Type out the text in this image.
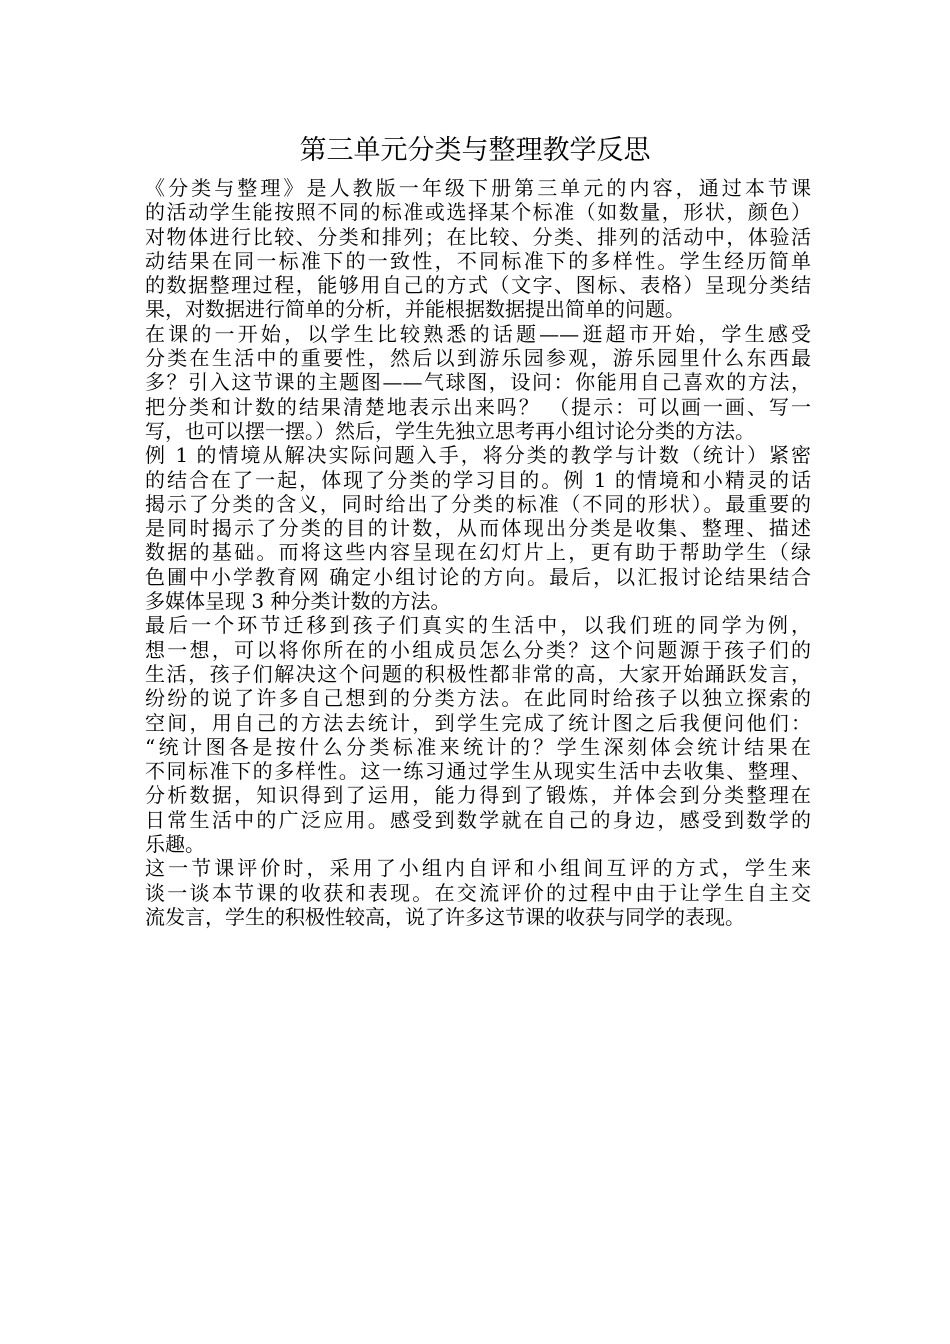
第三单元分类与整理教学反思
《分类与整理》是人教版一年级下册第三单元的内容，通过本节课
的活动学生能按照不同的标准或选择某个标准（如数量，形状，颜色）
对物体进行比较、分类和排列；在比较、分类、排列的活动中，体验活
动结果在同一标准下的一致性，不同标准下的多样性。学生经历简单
的数据整理过程，能够用自己的方式（文字、图标、表格）呈现分类结
果，对数据进行简单的分析，并能根据数据提出简单的问题。
在课的一开始，以学生比较熟悉的话题——逛超市开始，学生感受
分类在生活中的重要性，然后以到游乐园参观，游乐园里什么东西最
多？引入这节课的主题图——气球图，设问：你能用自己喜欢的方法，
把分类和计数的结果清楚地表示出来吗？ （提示：可以画一画、写一
写，也可以摆一摆。）然后，学生先独立思考再小组讨论分类的方法。
例 1 的情境从解决实际问题入手，将分类的教学与计数（统计）紧密
的结合在了一起，体现了分类的学习目的。例 1 的情境和小精灵的话
揭示了分类的含义，同时给出了分类的标准（不同的形状）。最重要的
是同时揭示了分类的目的计数，从而体现出分类是收集、整理、描述
数据的基础。而将这些内容呈现在幻灯片上，更有助于帮助学生（绿
色圃中小学教育网 确定小组讨论的方向。最后，以汇报讨论结果结合
多媒体呈现 3 种分类计数的方法。
最后一个环节迁移到孩子们真实的生活中，以我们班的同学为例，
想一想，可以将你所在的小组成员怎么分类？这个问题源于孩子们的
生活，孩子们解决这个问题的积极性都非常的高，大家开始踊跃发言，
纷纷的说了许多自己想到的分类方法。在此同时给孩子以独立探索的
空间，用自己的方法去统计，到学生完成了统计图之后我便问他们：
“统计图各是按什么分类标准来统计的？学生深刻体会统计结果在
不同标准下的多样性。这一练习通过学生从现实生活中去收集、整理、
分析数据，知识得到了运用，能力得到了锻炼，并体会到分类整理在
日常生活中的广泛应用。感受到数学就在自己的身边，感受到数学的
乐趣。
这一节课评价时，采用了小组内自评和小组间互评的方式，学生来
谈一谈本节课的收获和表现。在交流评价的过程中由于让学生自主交
流发言，学生的积极性较高，说了许多这节课的收获与同学的表现。
